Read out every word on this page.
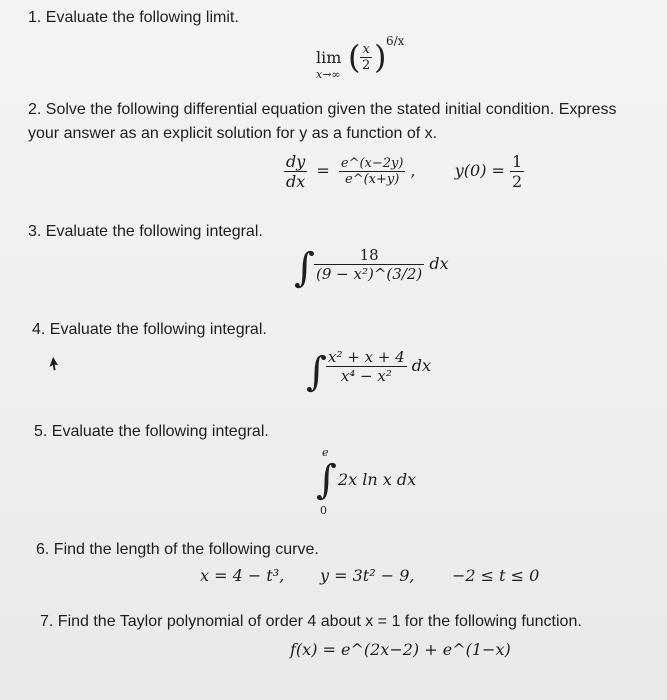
1. Evaluate the following limit.
lim
x→∞ ( $\frac{x}{2}$ ) 6/x
2. Solve the following differential equation given the stated initial condition. Express
your answer as an explicit solution for y as a function of x.
$\frac{dy}{dx} = \frac{e\^{}(x-2y)}{e\^{}(x+y)}$ , $y(0) = \frac{1}{2}$
3. Evaluate the following integral.
∫ $\frac{18}{\text{(9 − x²)\textasciicircum{}(3/2)}}$ dx
4. Evaluate the following integral.
∫ $\frac{\text{x² + x + 4}}{\text{x⁴ − x²}}$ dx
5. Evaluate the following integral.
e
∫
0
2x ln x dx
6. Find the length of the following curve.
x = 4 − t³, y = 3t² − 9, −2 ≤ t ≤ 0
7. Find the Taylor polynomial of order 4 about x = 1 for the following function.
f(x) = e^(2x−2) + e^(1−x)
